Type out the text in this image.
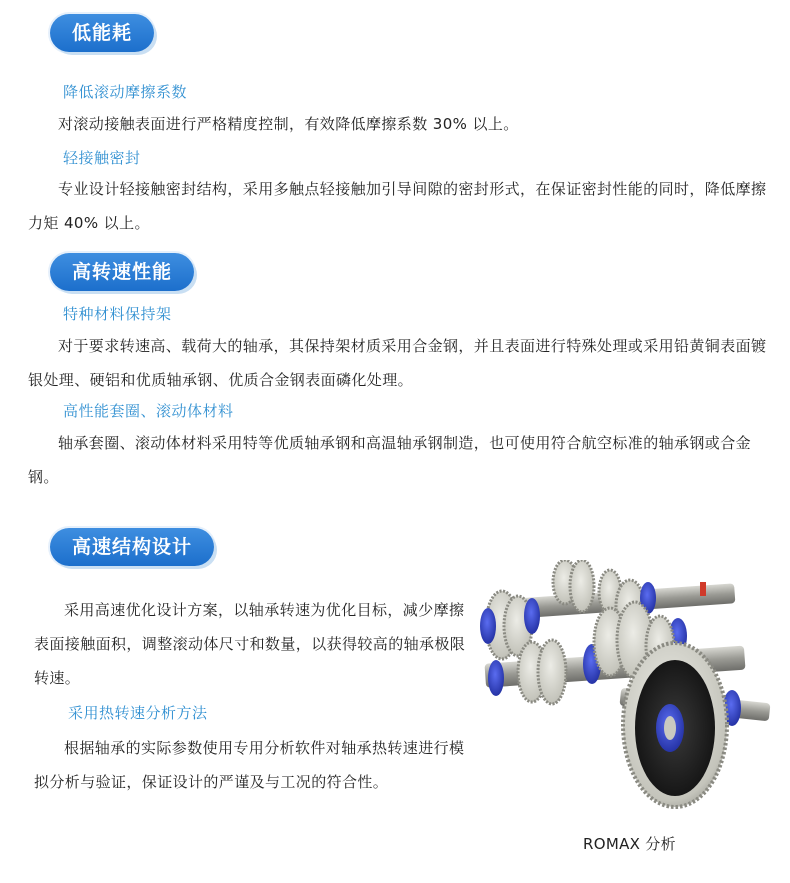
低能耗
降低滚动摩擦系数
对滚动接触表面进行严格精度控制，有效降低摩擦系数 30% 以上。
轻接触密封
专业设计轻接触密封结构，采用多触点轻接触加引导间隙的密封形式，在保证密封性能的同时，降低摩擦力矩 40% 以上。
高转速性能
特种材料保持架
对于要求转速高、载荷大的轴承，其保持架材质采用合金钢，并且表面进行特殊处理或采用铅黄铜表面镀银处理、硬铝和优质轴承钢、优质合金钢表面磷化处理。
高性能套圈、滚动体材料
轴承套圈、滚动体材料采用特等优质轴承钢和高温轴承钢制造，也可使用符合航空标准的轴承钢或合金钢。
高速结构设计
采用高速优化设计方案，以轴承转速为优化目标，减少摩擦表面接触面积，调整滚动体尺寸和数量，以获得较高的轴承极限转速。
采用热转速分析方法
根据轴承的实际参数使用专用分析软件对轴承热转速进行模拟分析与验证，保证设计的严谨及与工况的符合性。
ROMAX 分析
